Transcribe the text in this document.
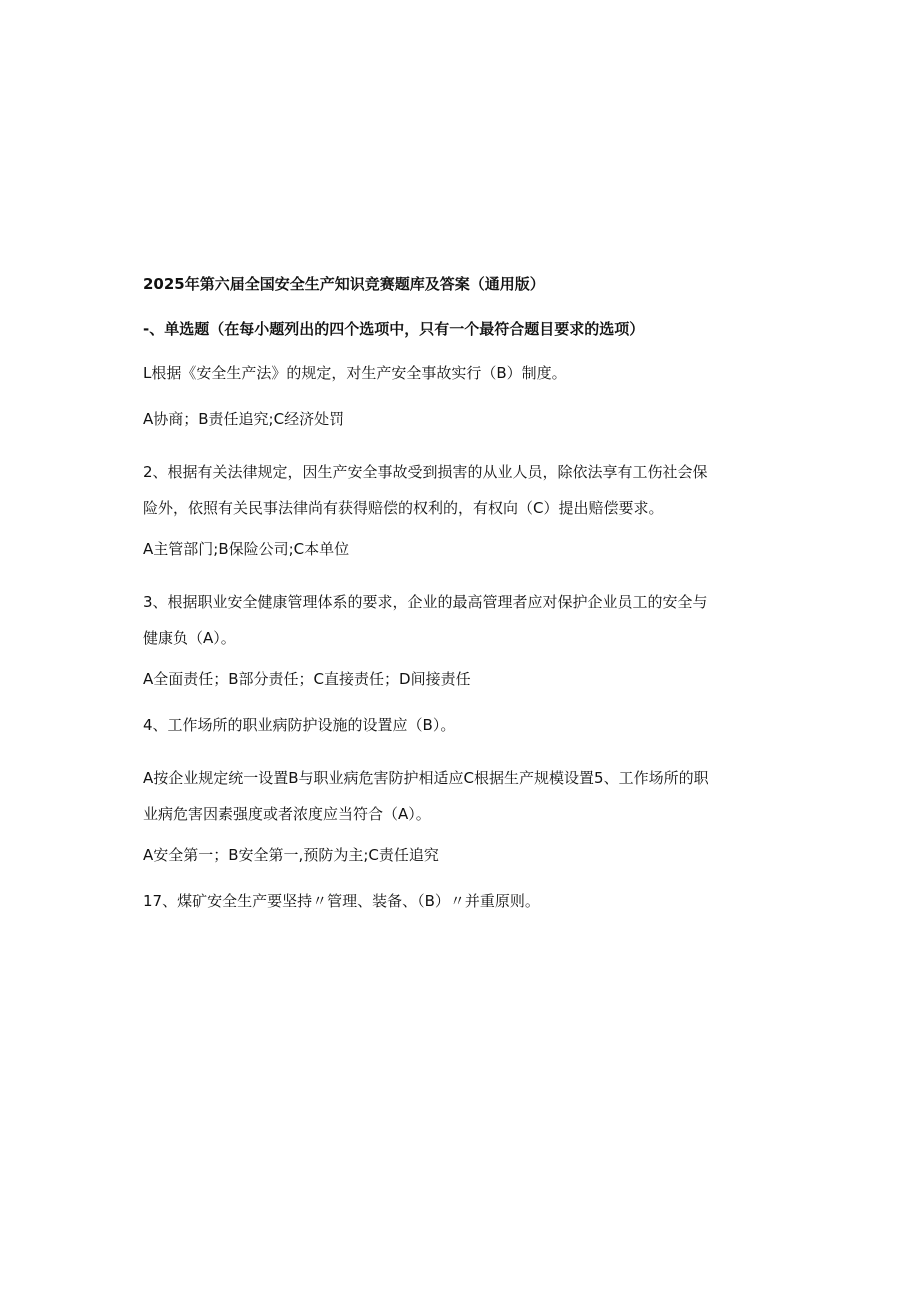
2025年第六届全国安全生产知识竞赛题库及答案（通用版）
-、单选题（在每小题列出的四个选项中，只有一个最符合题目要求的选项）

L根据《安全生产法》的规定，对生产安全事故实行（B）制度。

A协商；B责任追究;C经济处罚

2、根据有关法律规定，因生产安全事故受到损害的从业人员，除依法享有工伤社会保险外，依照有关民事法律尚有获得赔偿的权利的，有权向（C）提出赔偿要求。

A主管部门;B保险公司;C本单位

3、根据职业安全健康管理体系的要求，企业的最高管理者应对保护企业员工的安全与健康负（A）。

A全面责任；B部分责任；C直接责任；D间接责任

4、工作场所的职业病防护设施的设置应（B）。

A按企业规定统一设置B与职业病危害防护相适应C根据生产规模设置5、工作场所的职业病危害因素强度或者浓度应当符合（A）。

A安全第一；B安全第一,预防为主;C责任追究

17、煤矿安全生产要坚持〃管理、装备、（B）〃并重原则。
